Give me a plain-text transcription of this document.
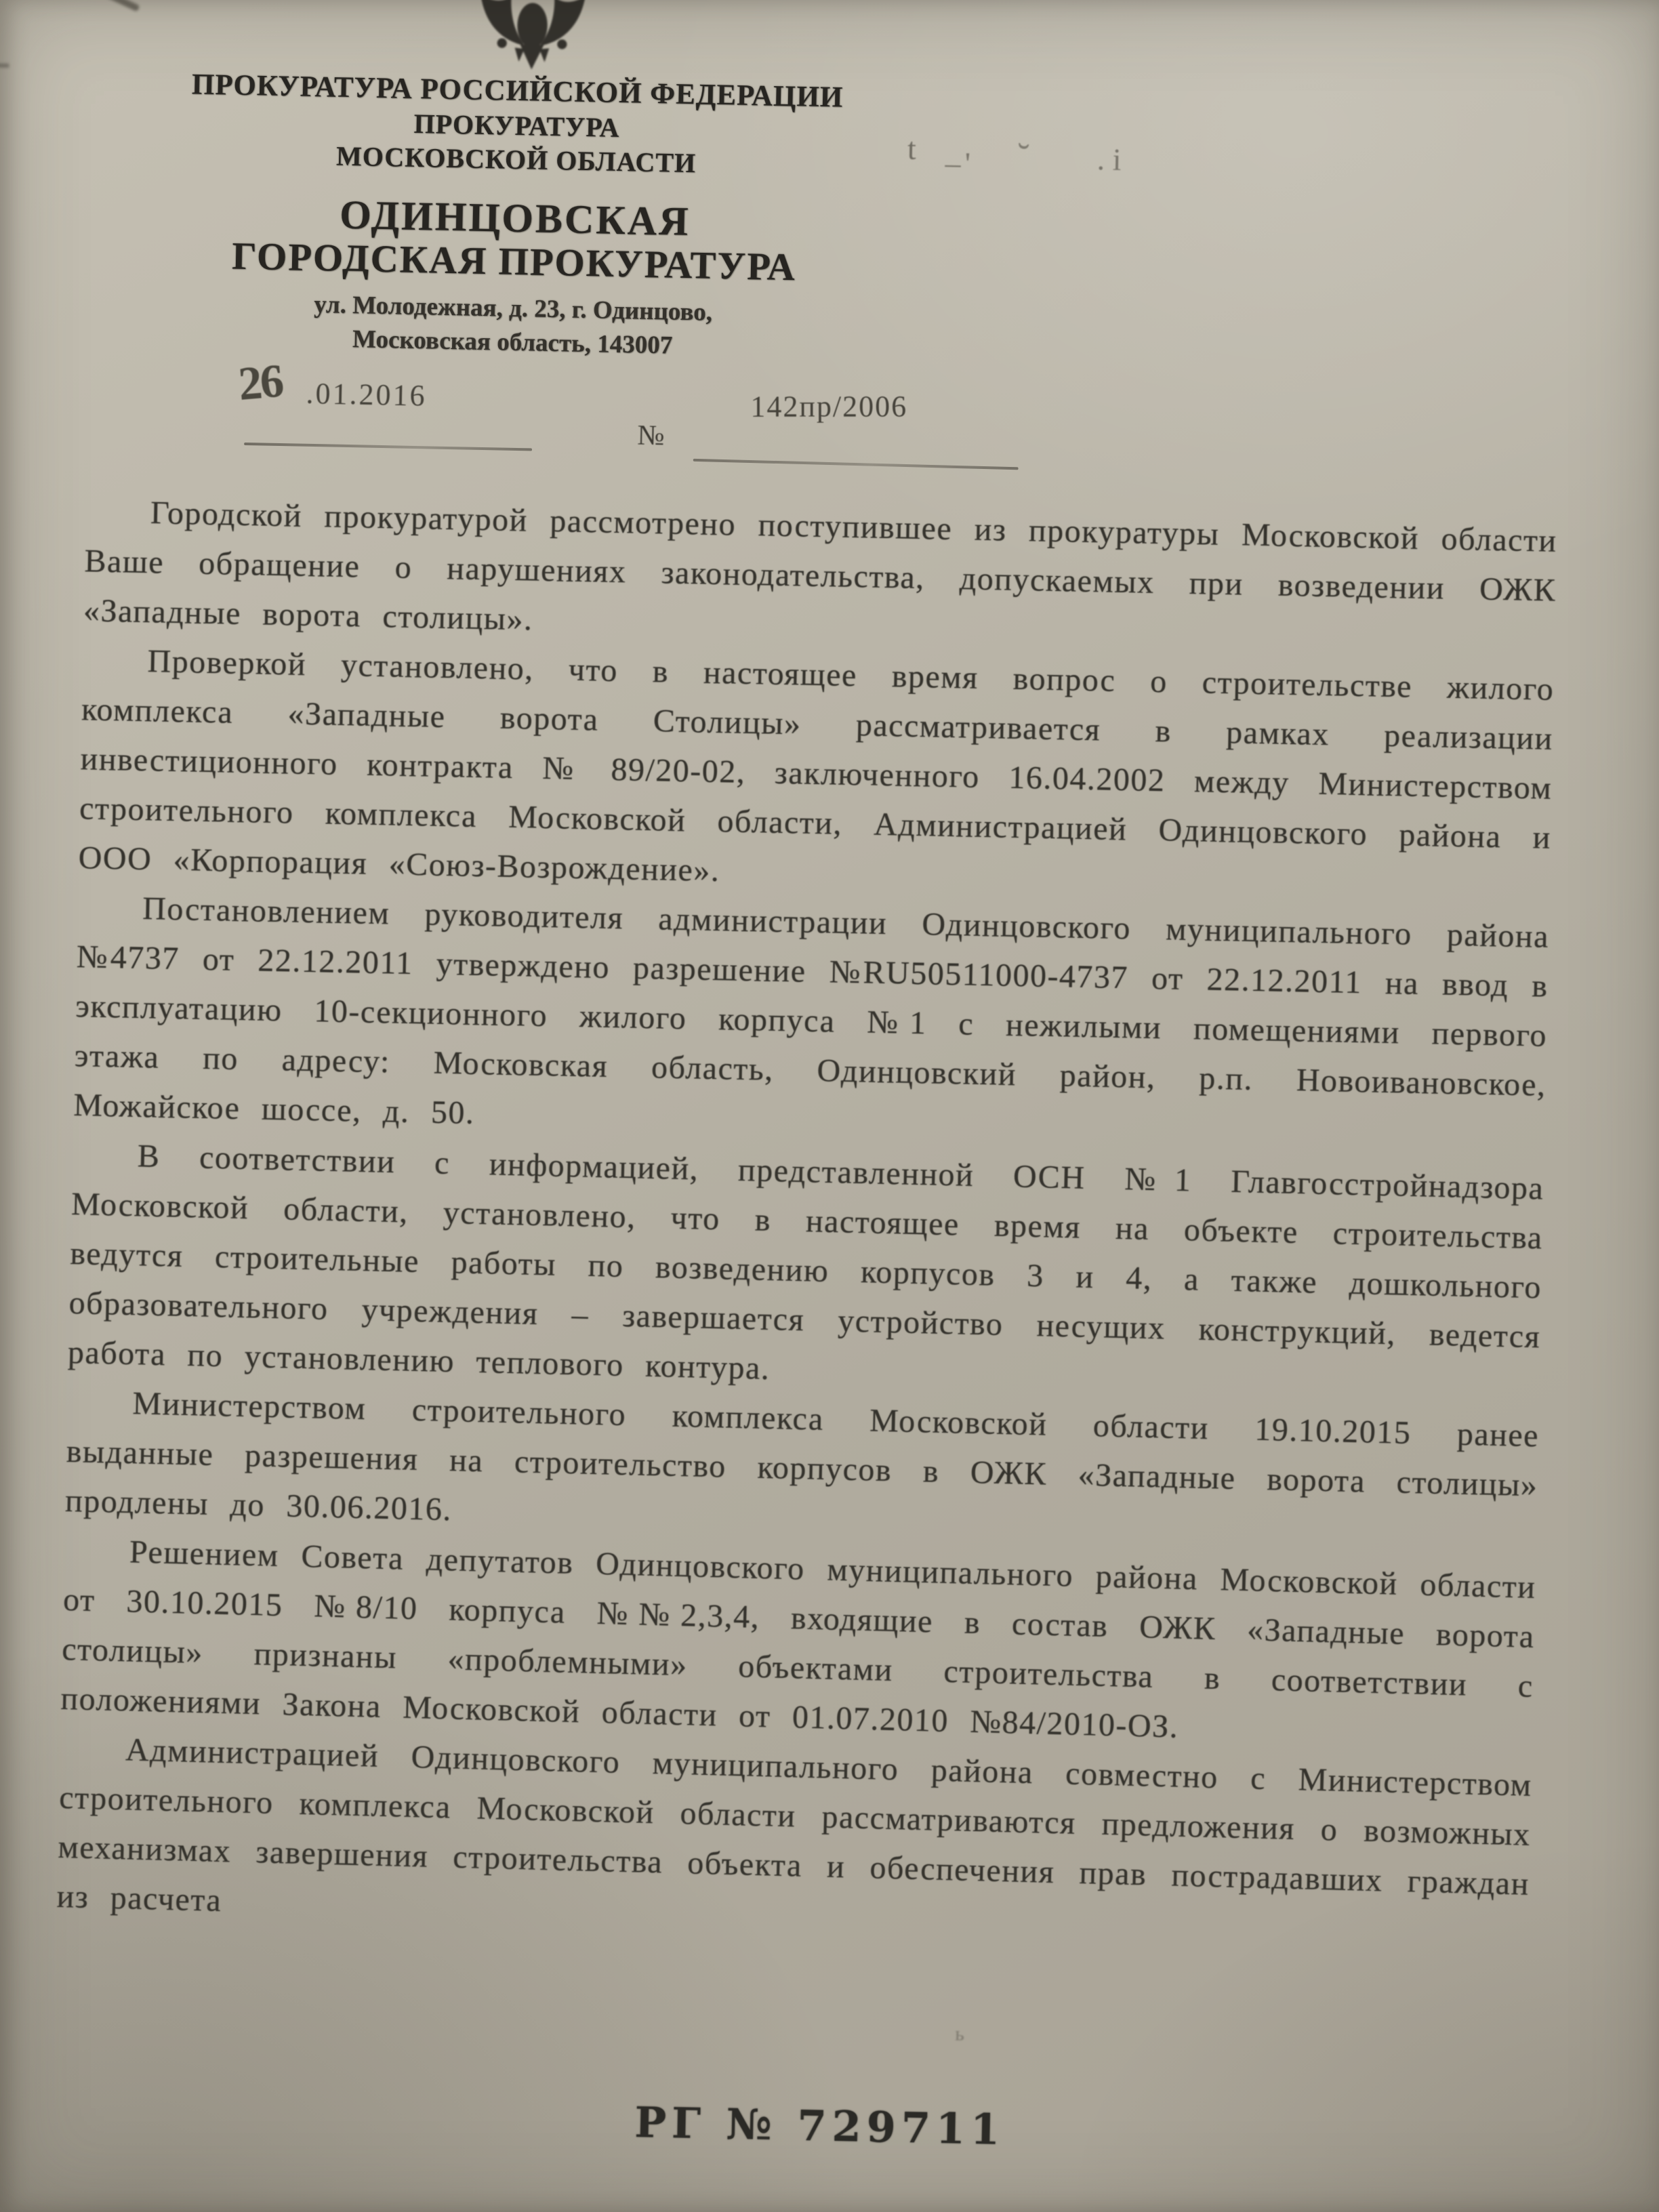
ПРОКУРАТУРА РОССИЙСКОЙ ФЕДЕРАЦИИ
ПРОКУРАТУРА
МОСКОВСКОЙ ОБЛАСТИ
ОДИНЦОВСКАЯ
ГОРОДСКАЯ ПРОКУРАТУРА
ул. Молодежная, д. 23, г. Одинцово,
Московская область, 143007
26 .01.2016
№
142пр/2006
t –' ˘ . i
ь

Городской прокуратурой рассмотрено поступившее из прокуратуры Московской области Ваше обращение о нарушениях законодательства, допускаемых при возведении ОЖК «Западные ворота столицы».

Проверкой установлено, что в настоящее время вопрос о строительстве жилого комплекса «Западные ворота Столицы» рассматривается в рамках реализации инвестиционного контракта № 89/20-02, заключенного 16.04.2002 между Министерством строительного комплекса Московской области, Администрацией Одинцовского района и ООО «Корпорация «Союз-Возрождение».

Постановлением руководителя администрации Одинцовского муниципального района №4737 от 22.12.2011 утверждено разрешение №RU50511000-4737 от 22.12.2011 на ввод в эксплуатацию 10-секционного жилого корпуса №1 с нежилыми помещениями первого этажа по адресу: Московская область, Одинцовский район, р.п. Новоивановское, Можайское шоссе, д. 50.

В соответствии с информацией, представленной ОСН №1 Главгосстройнадзора Московской области, установлено, что в настоящее время на объекте строительства ведутся строительные работы по возведению корпусов 3 и 4, а также дошкольного образовательного учреждения – завершается устройство несущих конструкций, ведется работа по установлению теплового контура.

Министерством строительного комплекса Московской области 19.10.2015 ранее выданные разрешения на строительство корпусов в ОЖК «Западные ворота столицы» продлены до 30.06.2016.

Решением Совета депутатов Одинцовского муниципального района Московской области от 30.10.2015 №8/10 корпуса №№2,3,4, входящие в состав ОЖК «Западные ворота столицы» признаны «проблемными» объектами строительства в соответствии с положениями Закона Московской области от 01.07.2010 №84/2010-ОЗ.

Администрацией Одинцовского муниципального района совместно с Министерством строительного комплекса Московской области рассматриваются предложения о возможных механизмах завершения строительства объекта и обеспечения прав пострадавших граждан из расчета

РГ № 729711
